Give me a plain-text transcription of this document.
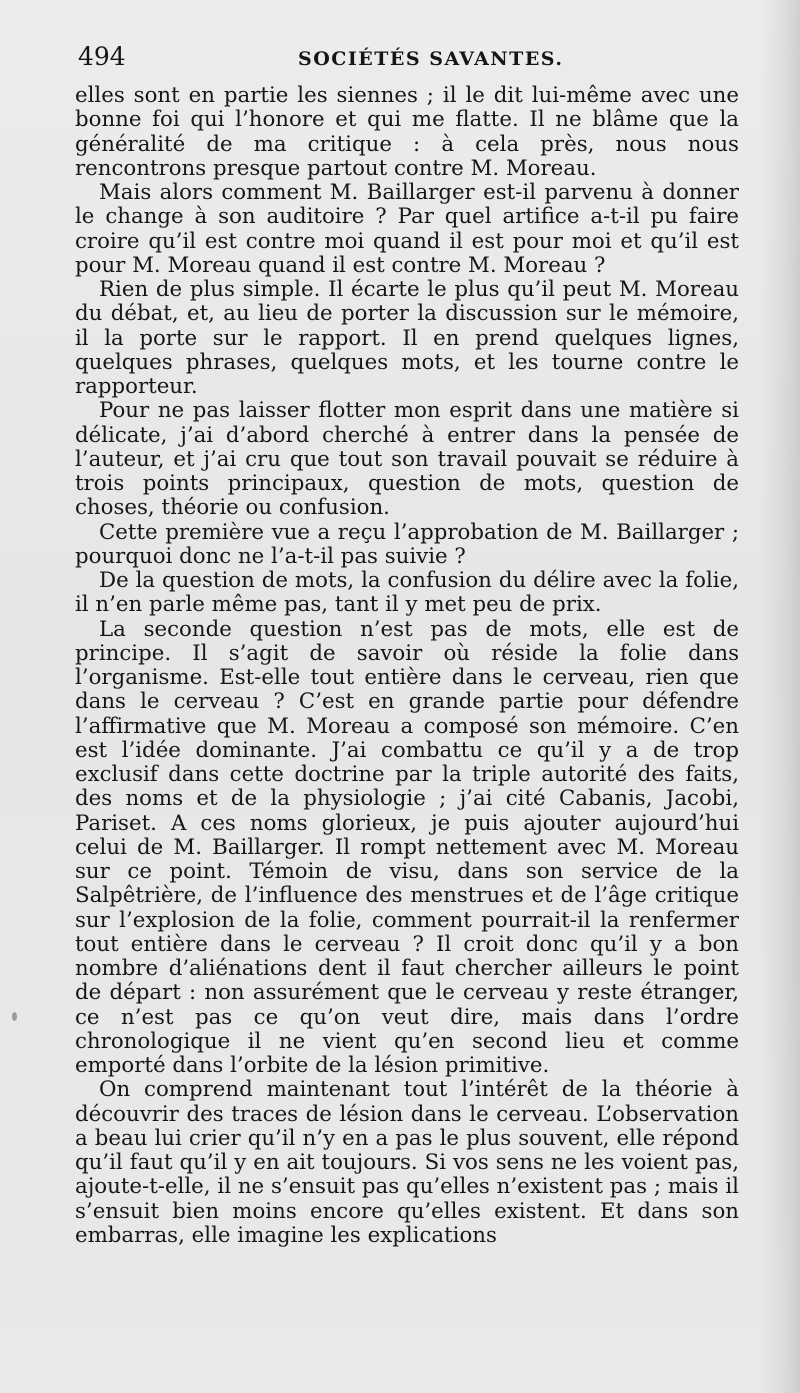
494	SOCIÉTÉS SAVANTES.

elles sont en partie les siennes ; il le dit lui-même avec une bonne foi qui l’honore et qui me flatte. Il ne blâme que la généralité de ma critique : à cela près, nous nous rencontrons presque partout contre M. Moreau.

Mais alors comment M. Baillarger est-il parvenu à donner le change à son auditoire ? Par quel artifice a-t-il pu faire croire qu’il est contre moi quand il est pour moi et qu’il est pour M. Moreau quand il est contre M. Moreau ?

Rien de plus simple. Il écarte le plus qu’il peut M. Moreau du débat, et, au lieu de porter la discussion sur le mémoire, il la porte sur le rapport. Il en prend quelques lignes, quelques phrases, quelques mots, et les tourne contre le rapporteur.

Pour ne pas laisser flotter mon esprit dans une matière si délicate, j’ai d’abord cherché à entrer dans la pensée de l’auteur, et j’ai cru que tout son travail pouvait se réduire à trois points principaux, question de mots, question de choses, théorie ou confusion.

Cette première vue a reçu l’approbation de M. Baillarger ; pourquoi donc ne l’a-t-il pas suivie ?

De la question de mots, la confusion du délire avec la folie, il n’en parle même pas, tant il y met peu de prix.

La seconde question n’est pas de mots, elle est de principe. Il s’agit de savoir où réside la folie dans l’organisme. Est-elle tout entière dans le cerveau, rien que dans le cerveau ? C’est en grande partie pour défendre l’affirmative que M. Moreau a composé son mémoire. C’en est l’idée dominante. J’ai combattu ce qu’il y a de trop exclusif dans cette doctrine par la triple autorité des faits, des noms et de la physiologie ; j’ai cité Cabanis, Jacobi, Pariset. A ces noms glorieux, je puis ajouter aujourd’hui celui de M. Baillarger. Il rompt nettement avec M. Moreau sur ce point. Témoin de visu, dans son service de la Salpêtrière, de l’influence des menstrues et de l’âge critique sur l’explosion de la folie, comment pourrait-il la renfermer tout entière dans le cerveau ? Il croit donc qu’il y a bon nombre d’aliénations dent il faut chercher ailleurs le point de départ : non assurément que le cerveau y reste étranger, ce n’est pas ce qu’on veut dire, mais dans l’ordre chronologique il ne vient qu’en second lieu et comme emporté dans l’orbite de la lésion primitive.

On comprend maintenant tout l’intérêt de la théorie à découvrir des traces de lésion dans le cerveau. L’observation a beau lui crier qu’il n’y en a pas le plus souvent, elle répond qu’il faut qu’il y en ait toujours. Si vos sens ne les voient pas, ajoute-t-elle, il ne s’ensuit pas qu’elles n’existent pas ; mais il s’ensuit bien moins encore qu’elles existent. Et dans son embarras, elle imagine les explications
